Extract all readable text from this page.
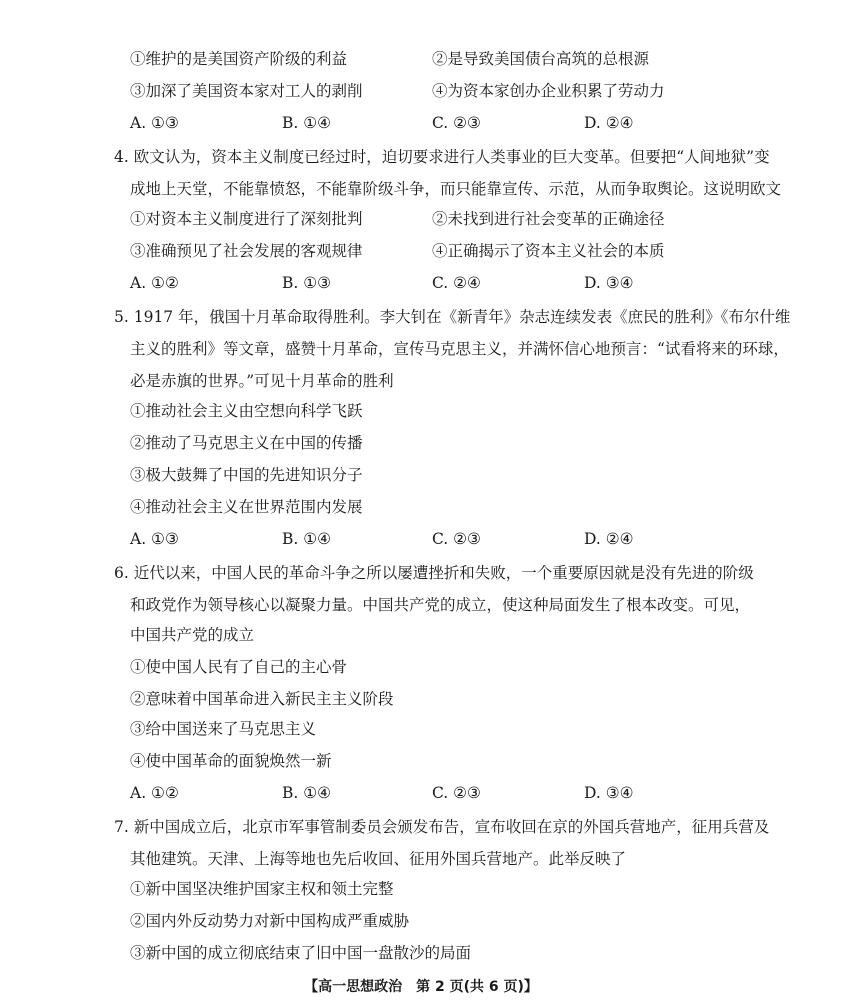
①维护的是美国资产阶级的利益	②是导致美国债台高筑的总根源
③加深了美国资本家对工人的剥削	④为资本家创办企业积累了劳动力
A. ①③	B. ①④	C. ②③	D. ②④
4. 欧文认为，资本主义制度已经过时，迫切要求进行人类事业的巨大变革。但要把“人间地狱”变
成地上天堂，不能靠愤怒，不能靠阶级斗争，而只能靠宣传、示范，从而争取舆论。这说明欧文
①对资本主义制度进行了深刻批判	②未找到进行社会变革的正确途径
③准确预见了社会发展的客观规律	④正确揭示了资本主义社会的本质
A. ①②	B. ①③	C. ②④	D. ③④
5. 1917 年，俄国十月革命取得胜利。李大钊在《新青年》杂志连续发表《庶民的胜利》《布尔什维
主义的胜利》等文章，盛赞十月革命，宣传马克思主义，并满怀信心地预言：“试看将来的环球，
必是赤旗的世界。”可见十月革命的胜利
①推动社会主义由空想向科学飞跃
②推动了马克思主义在中国的传播
③极大鼓舞了中国的先进知识分子
④推动社会主义在世界范围内发展
A. ①③	B. ①④	C. ②③	D. ②④
6. 近代以来，中国人民的革命斗争之所以屡遭挫折和失败，一个重要原因就是没有先进的阶级
和政党作为领导核心以凝聚力量。中国共产党的成立，使这种局面发生了根本改变。可见，
中国共产党的成立
①使中国人民有了自己的主心骨
②意味着中国革命进入新民主主义阶段
③给中国送来了马克思主义
④使中国革命的面貌焕然一新
A. ①②	B. ①④	C. ②③	D. ③④
7. 新中国成立后，北京市军事管制委员会颁发布告，宣布收回在京的外国兵营地产，征用兵营及
其他建筑。天津、上海等地也先后收回、征用外国兵营地产。此举反映了
①新中国坚决维护国家主权和领土完整
②国内外反动势力对新中国构成严重威胁
③新中国的成立彻底结束了旧中国一盘散沙的局面
【高一思想政治　第 2 页(共 6 页)】
